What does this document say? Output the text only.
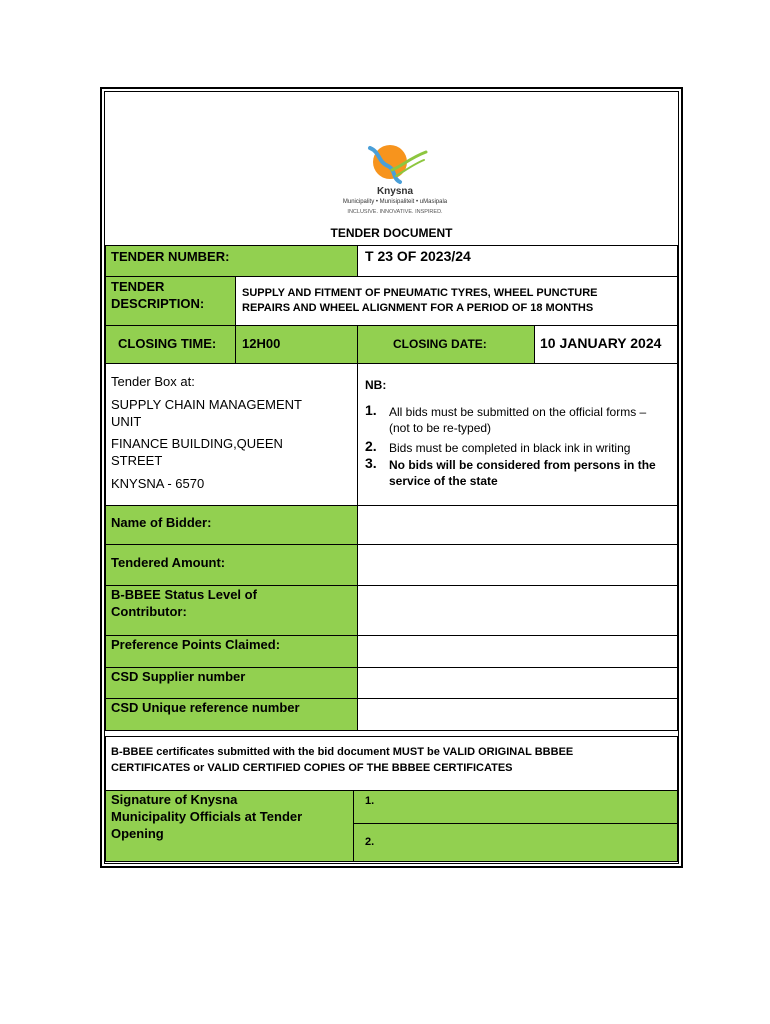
Knysna
Municipality • Munisipaliteit • uMasipala
INCLUSIVE. INNOVATIVE. INSPIRED.
TENDER DOCUMENT
TENDER NUMBER:	T 23 OF 2023/24
TENDER
DESCRIPTION:
SUPPLY AND FITMENT OF PNEUMATIC TYRES, WHEEL PUNCTURE
REPAIRS AND WHEEL ALIGNMENT FOR A PERIOD OF 18 MONTHS
CLOSING TIME: 12H00	CLOSING DATE:	10 JANUARY 2024
Tender Box at:
SUPPLY CHAIN MANAGEMENT
UNIT
FINANCE BUILDING,QUEEN
STREET
KNYSNA - 6570
NB:
1. All bids must be submitted on the official forms –
(not to be re-typed)
2. Bids must be completed in black ink in writing
3. No bids will be considered from persons in the
service of the state
Name of Bidder:
Tendered Amount:
B-BBEE Status Level of
Contributor:
Preference Points Claimed:
CSD Supplier number
CSD Unique reference number
B-BBEE certificates submitted with the bid document MUST be VALID ORIGINAL BBBEE
CERTIFICATES or VALID CERTIFIED COPIES OF THE BBBEE CERTIFICATES
Signature of Knysna
Municipality Officials at Tender
Opening
1.
2.
